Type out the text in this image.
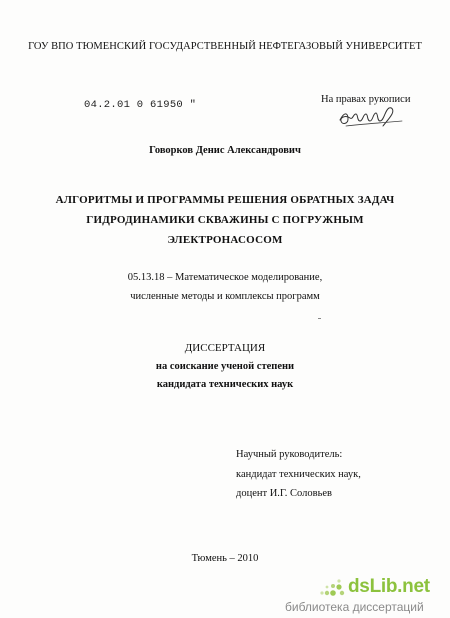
ГОУ ВПО ТЮМЕНСКИЙ ГОСУДАРСТВЕННЫЙ НЕФТЕГАЗОВЫЙ УНИВЕРСИТЕТ
04.2.01 0 61950 "	На правах рукописи
Говорков Денис Александрович
АЛГОРИТМЫ И ПРОГРАММЫ РЕШЕНИЯ ОБРАТНЫХ ЗАДАЧ
ГИДРОДИНАМИКИ СКВАЖИНЫ С ПОГРУЖНЫМ
ЭЛЕКТРОНАСОСОМ
05.13.18 – Математическое моделирование,
численные методы и комплексы программ
ДИССЕРТАЦИЯ
на соискание ученой степени
кандидата технических наук
Научный руководитель:
кандидат технических наук,
доцент И.Г. Соловьев
Тюмень – 2010
dsLib.net
библиотека диссертаций
